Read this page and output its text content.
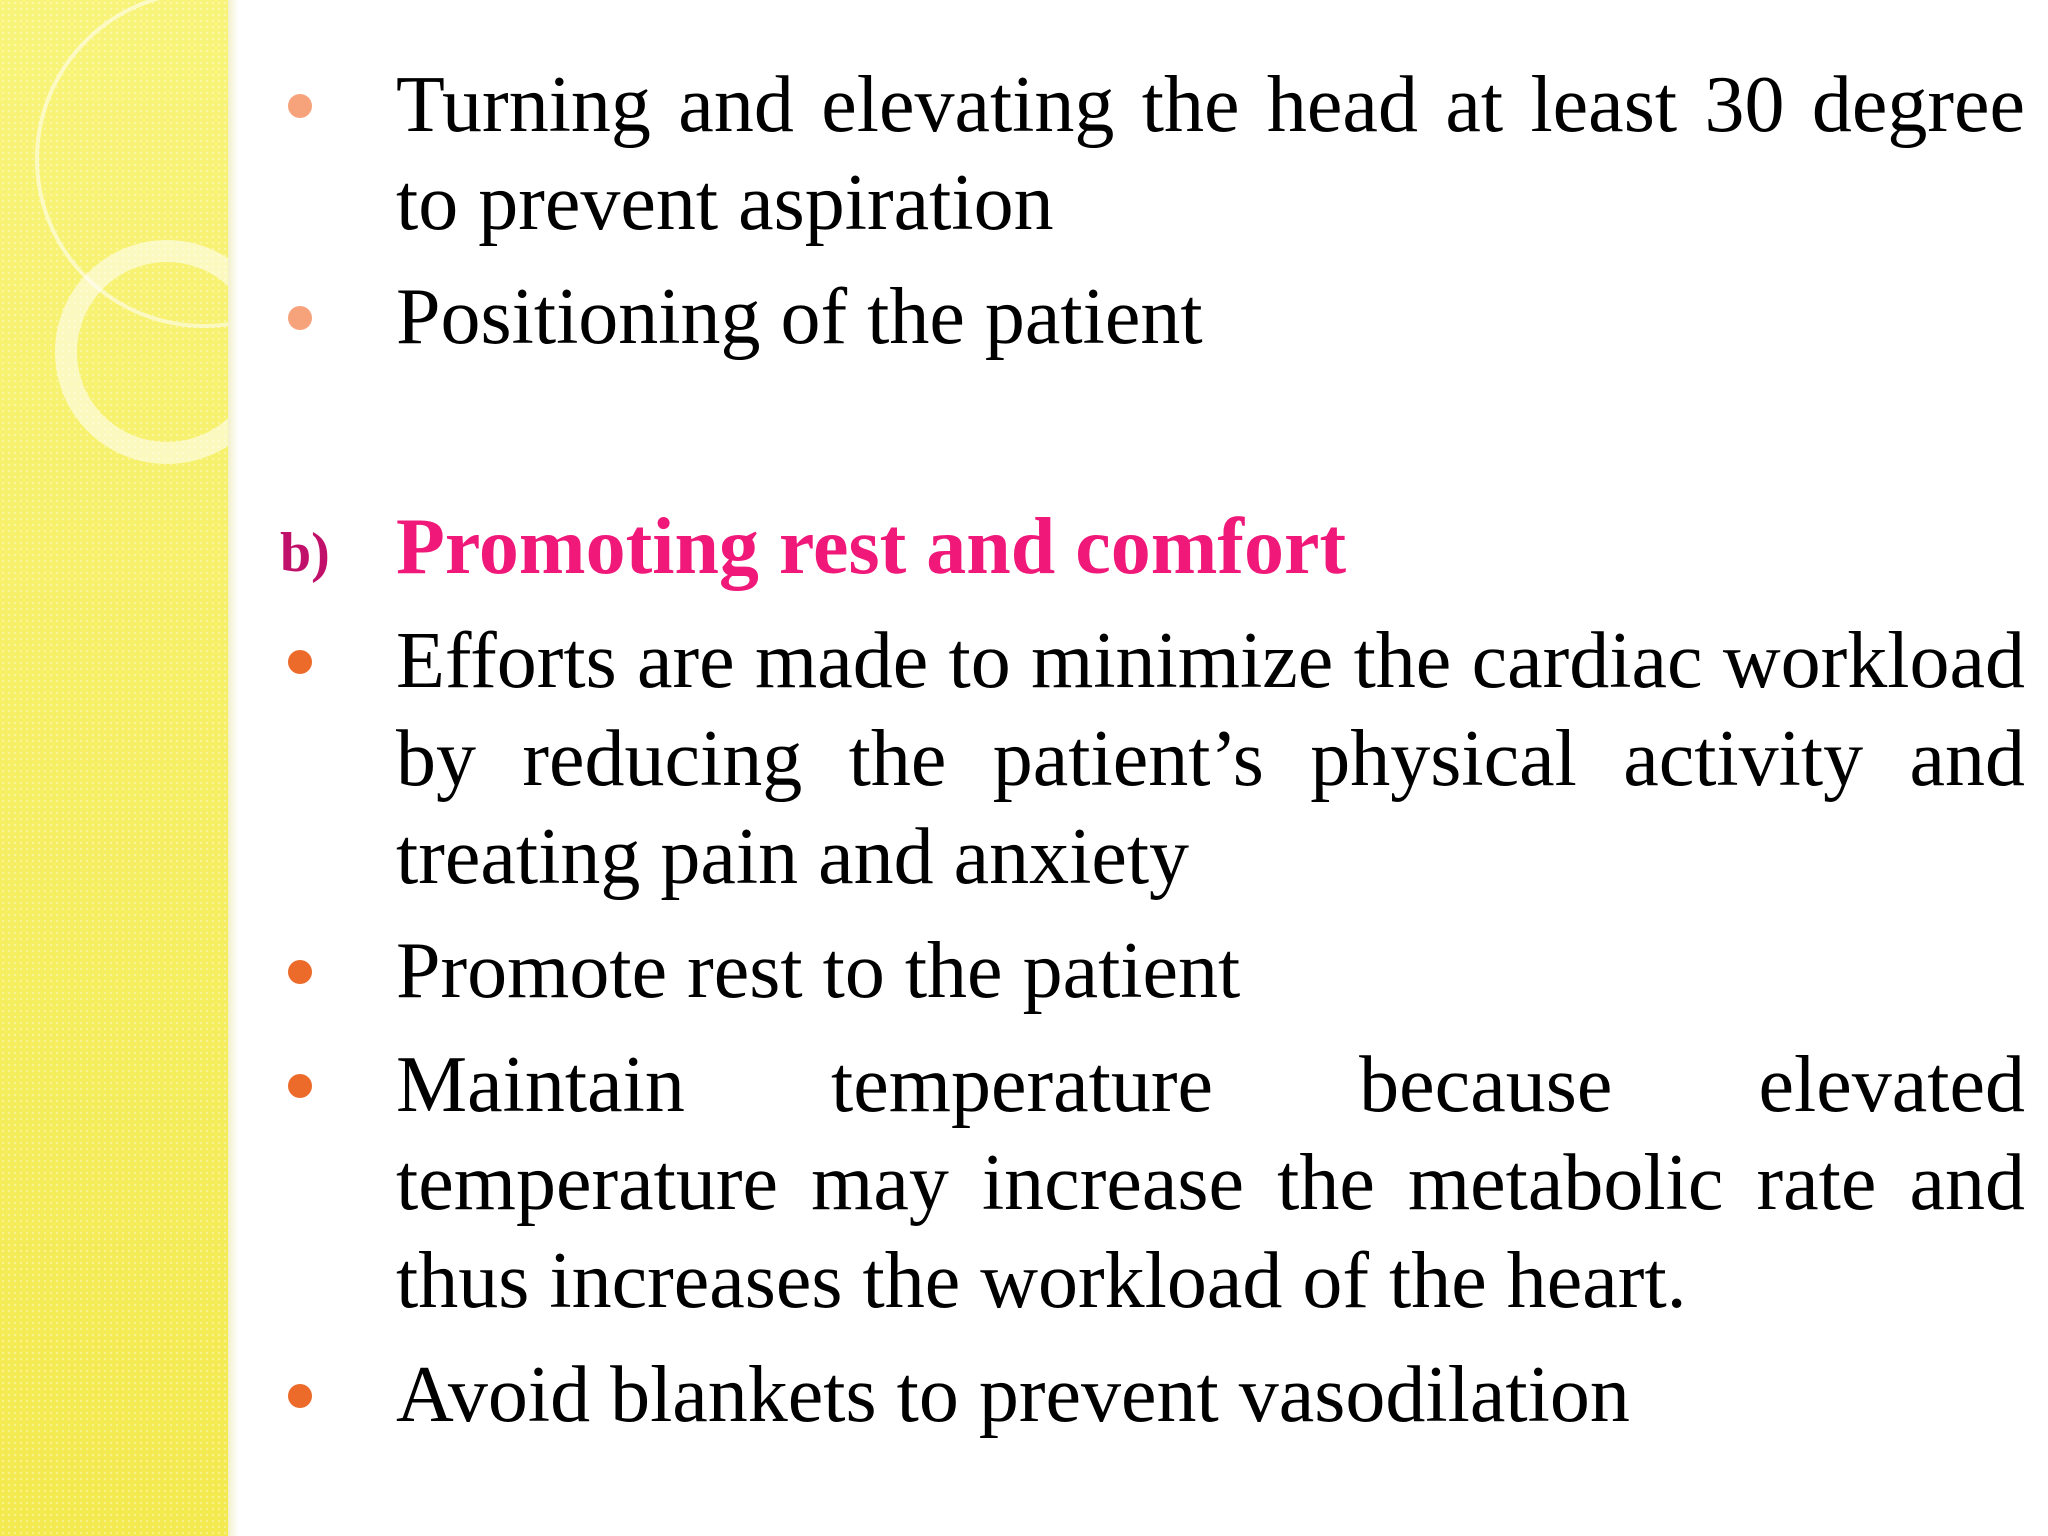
Turning and elevating the head at least 30 degree to prevent aspiration
Positioning of the patient
b) Promoting rest and comfort
Efforts are made to minimize the cardiac workload by reducing the patient’s physical activity and treating pain and anxiety
Promote rest to the patient
Maintain temperature because elevated temperature may increase the metabolic rate and thus increases the workload of the heart.
Avoid blankets to prevent vasodilation
